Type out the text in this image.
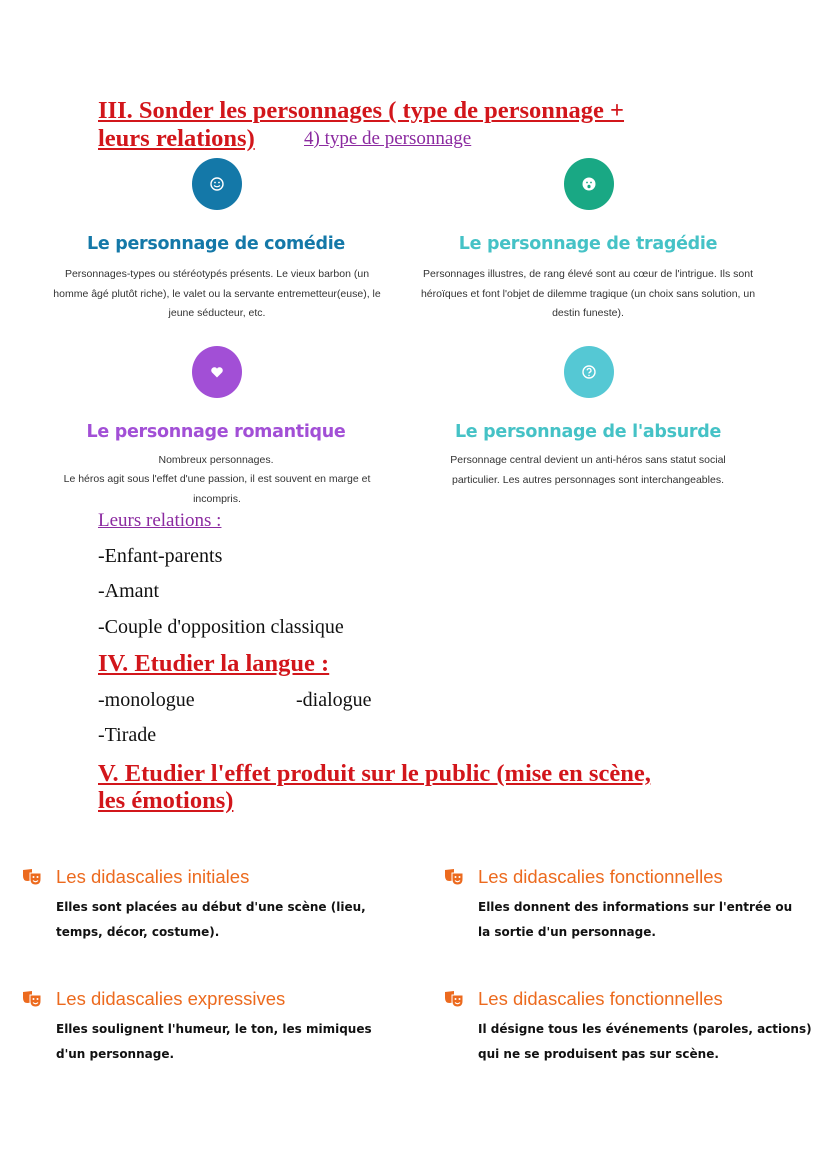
III. Sonder les personnages ( type de personnage +
leurs relations)	4) type de personnage
Le personnage de comédie
Personnages-types ou stéréotypés présents. Le vieux barbon (un homme âgé plutôt riche), le valet ou la servante entremetteur(euse), le jeune séducteur, etc.
Le personnage de tragédie
Personnages illustres, de rang élevé sont au cœur de l'intrigue. Ils sont héroïques et font l'objet de dilemme tragique (un choix sans solution, un destin funeste).
Le personnage romantique
Nombreux personnages.
Le héros agit sous l'effet d'une passion, il est souvent en marge et incompris.
Le personnage de l'absurde
Personnage central devient un anti-héros sans statut social particulier. Les autres personnages sont interchangeables.
Leurs relations :
-Enfant-parents
-Amant
-Couple d'opposition classique
IV. Etudier la langue :
-monologue	-dialogue
-Tirade
V. Etudier l'effet produit sur le public (mise en scène,
les émotions)
Les didascalies initiales
Elles sont placées au début d'une scène (lieu, temps, décor, costume).
Les didascalies fonctionnelles
Elles donnent des informations sur l'entrée ou la sortie d'un personnage.
Les didascalies expressives
Elles soulignent l'humeur, le ton, les mimiques d'un personnage.
Les didascalies fonctionnelles
Il désigne tous les événements (paroles, actions) qui ne se produisent pas sur scène.
